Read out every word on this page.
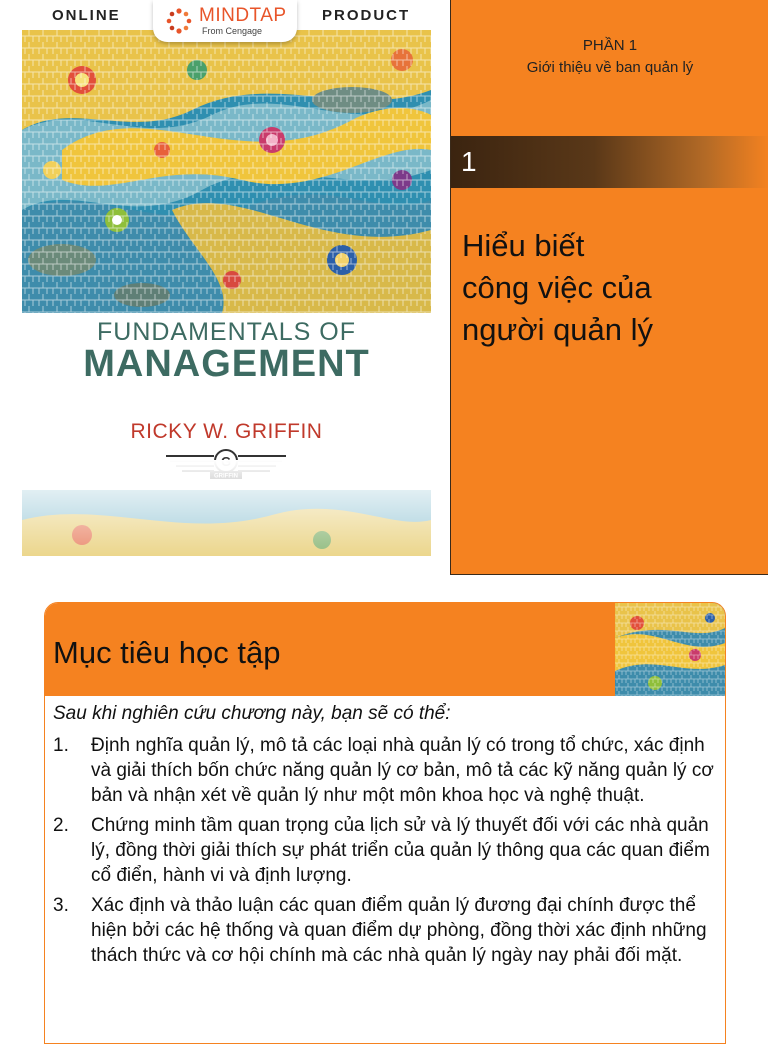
ONLINE	PRODUCT
MINDTAP
From Cengage
FUNDAMENTALS OF
MANAGEMENT
RICKY W. GRIFFIN
PHẦN 1
Giới thiệu về ban quản lý
1
Hiểu biết
công việc của
người quản lý
Mục tiêu học tập
Sau khi nghiên cứu chương này, bạn sẽ có thể:
1. Định nghĩa quản lý, mô tả các loại nhà quản lý có trong tổ chức, xác định và giải thích bốn chức năng quản lý cơ bản, mô tả các kỹ năng quản lý cơ bản và nhận xét về quản lý như một môn khoa học và nghệ thuật.
2. Chứng minh tầm quan trọng của lịch sử và lý thuyết đối với các nhà quản lý, đồng thời giải thích sự phát triển của quản lý thông qua các quan điểm cổ điển, hành vi và định lượng.
3. Xác định và thảo luận các quan điểm quản lý đương đại chính được thể hiện bởi các hệ thống và quan điểm dự phòng, đồng thời xác định những thách thức và cơ hội chính mà các nhà quản lý ngày nay phải đối mặt.
